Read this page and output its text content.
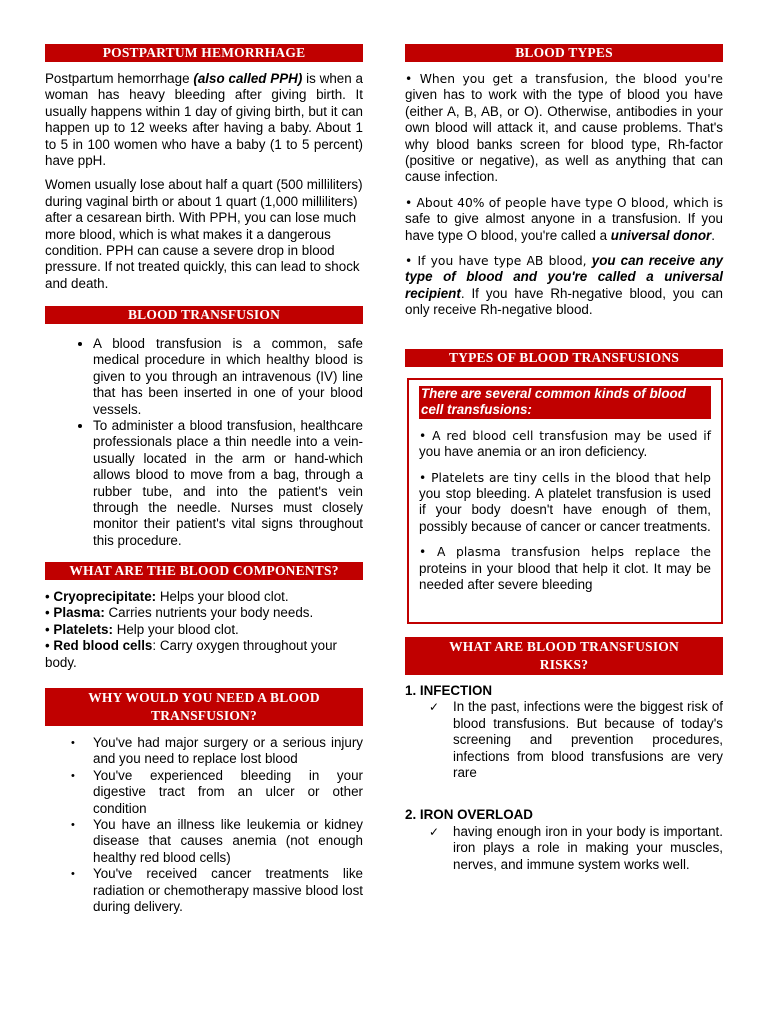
POSTPARTUM HEMORRHAGE

Postpartum hemorrhage (also called PPH) is when a woman has heavy bleeding after giving birth. It usually happens within 1 day of giving birth, but it can happen up to 12 weeks after having a baby. About 1 to 5 in 100 women who have a baby (1 to 5 percent) have ppH.

Women usually lose about half a quart (500 milliliters) during vaginal birth or about 1 quart (1,000 milliliters) after a cesarean birth. With PPH, you can lose much more blood, which is what makes it a dangerous condition. PPH can cause a severe drop in blood pressure. If not treated quickly, this can lead to shock and death.

BLOOD TRANSFUSION
• A blood transfusion is a common, safe medical procedure in which healthy blood is given to you through an intravenous (IV) line that has been inserted in one of your blood vessels.
• To administer a blood transfusion, healthcare professionals place a thin needle into a vein-usually located in the arm or hand-which allows blood to move from a bag, through a rubber tube, and into the patient's vein through the needle. Nurses must closely monitor their patient's vital signs throughout this procedure.
WHAT ARE THE BLOOD COMPONENTS?

• Cryoprecipitate: Helps your blood clot.

• Plasma: Carries nutrients your body needs.

• Platelets: Help your blood clot.

• Red blood cells: Carry oxygen throughout your body.

WHY WOULD YOU NEED A BLOOD
TRANSFUSION?
• You've had major surgery or a serious injury and you need to replace lost blood
• You've experienced bleeding in your digestive tract from an ulcer or other condition
• You have an illness like leukemia or kidney disease that causes anemia (not enough healthy red blood cells)
• You've received cancer treatments like radiation or chemotherapy massive blood lost during delivery.
BLOOD TYPES

• When you get a transfusion, the blood you're given has to work with the type of blood you have (either A, B, AB, or O). Otherwise, antibodies in your own blood will attack it, and cause problems. That's why blood banks screen for blood type, Rh-factor (positive or negative), as well as anything that can cause infection.

• About 40% of people have type O blood, which is safe to give almost anyone in a transfusion. If you have type O blood, you're called a universal donor.

• If you have type AB blood, you can receive any type of blood and you're called a universal recipient. If you have Rh-negative blood, you can only receive Rh-negative blood.

TYPES OF BLOOD TRANSFUSIONS
There are several common kinds of blood cell transfusions:

• A red blood cell transfusion may be used if you have anemia or an iron deficiency.

• Platelets are tiny cells in the blood that help you stop bleeding. A platelet transfusion is used if your body doesn't have enough of them, possibly because of cancer or cancer treatments.

• A plasma transfusion helps replace the proteins in your blood that help it clot. It may be needed after severe bleeding

WHAT ARE BLOOD TRANSFUSION
RISKS?

1. INFECTION

✓ In the past, infections were the biggest risk of blood transfusions. But because of today's screening and prevention procedures, infections from blood transfusions are very rare

2. IRON OVERLOAD

✓ having enough iron in your body is important. iron plays a role in making your muscles, nerves, and immune system works well.
